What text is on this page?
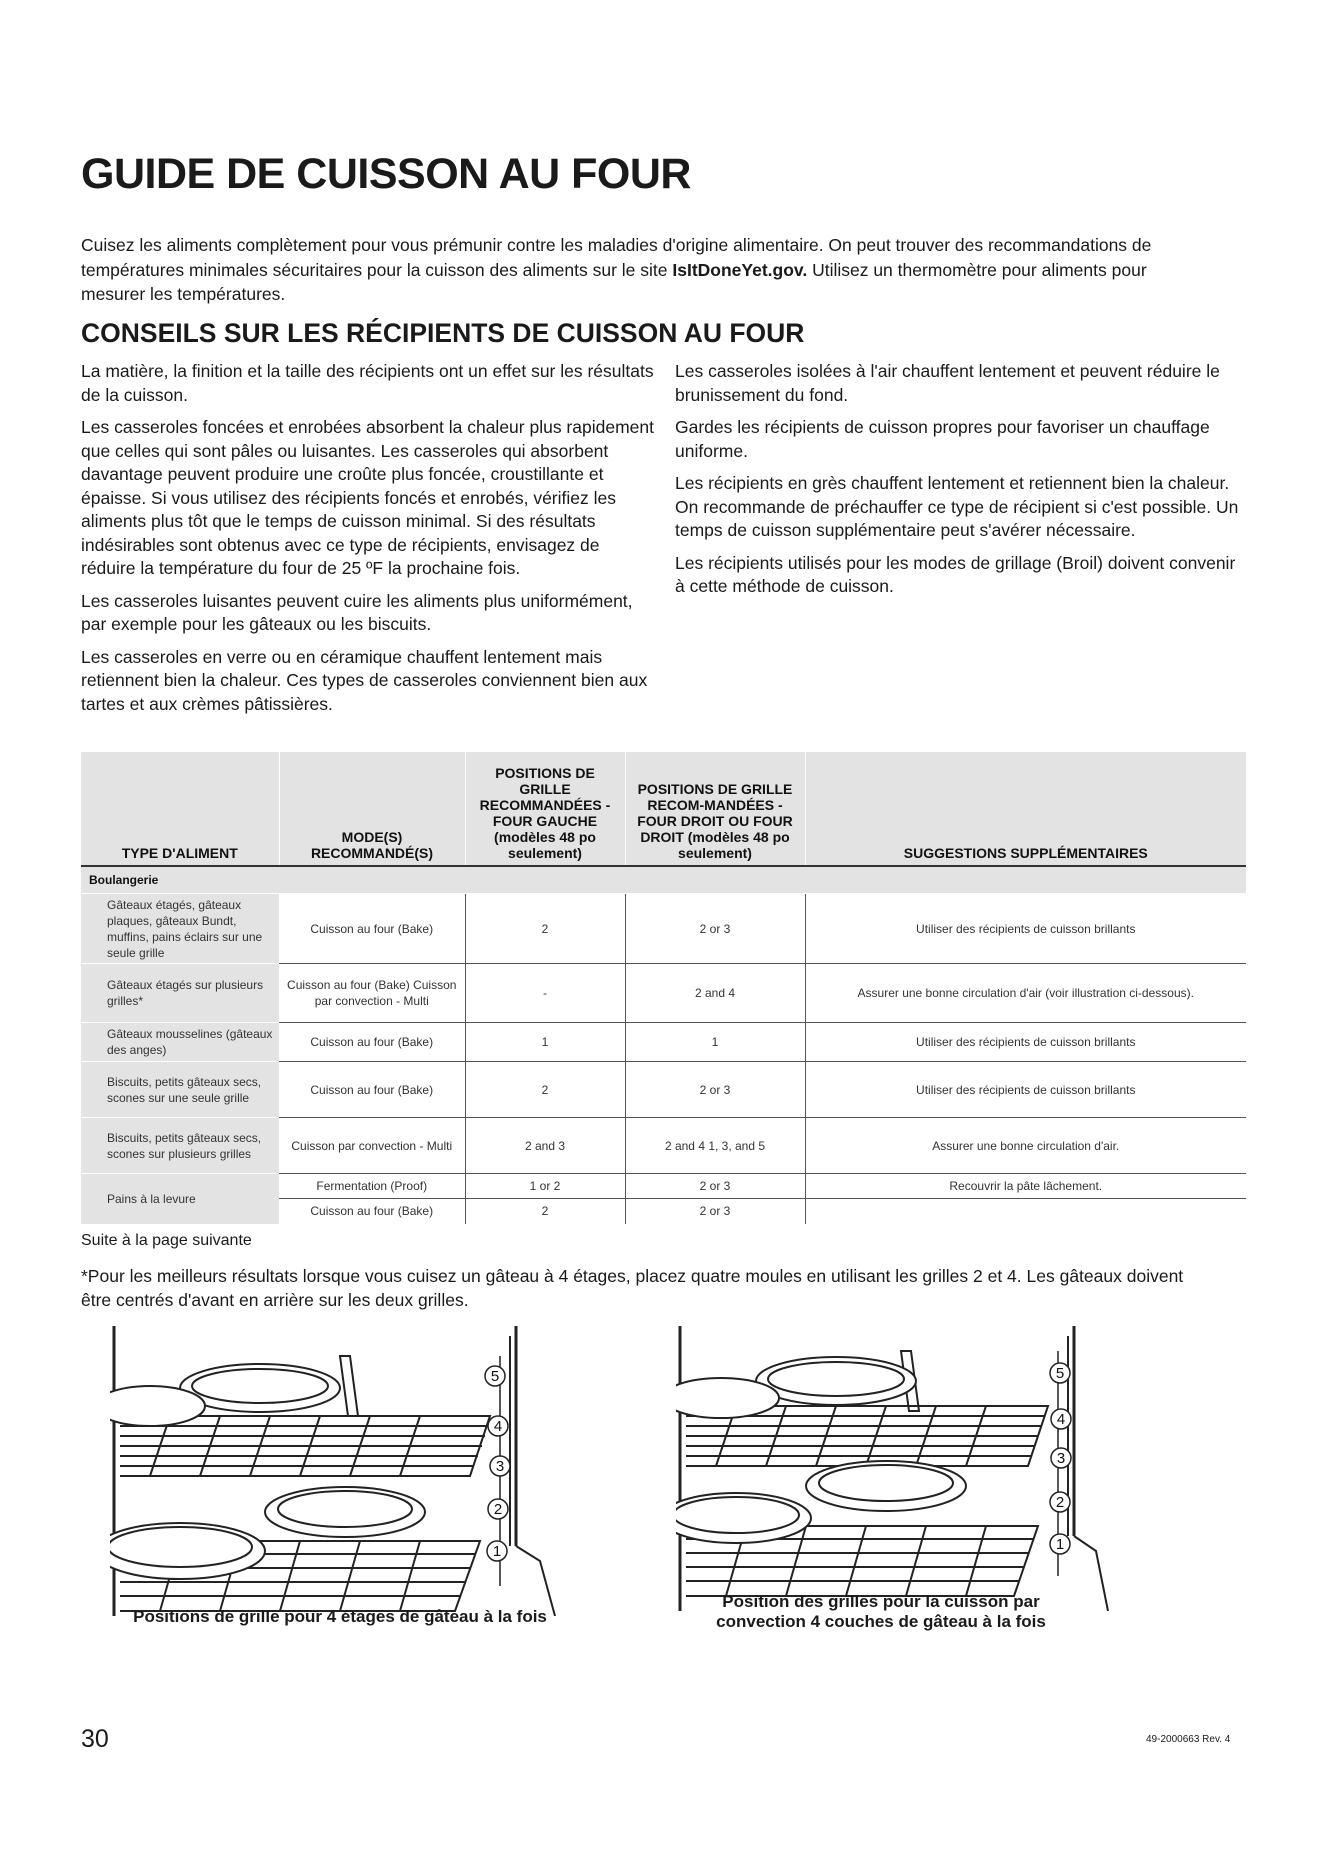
GUIDE DE CUISSON AU FOUR

Cuisez les aliments complètement pour vous prémunir contre les maladies d'origine alimentaire. On peut trouver des recommandations de températures minimales sécuritaires pour la cuisson des aliments sur le site IsItDoneYet.gov. Utilisez un thermomètre pour aliments pour mesurer les températures.

CONSEILS SUR LES RÉCIPIENTS DE CUISSON AU FOUR

La matière, la finition et la taille des récipients ont un effet sur les résultats de la cuisson.

Les casseroles foncées et enrobées absorbent la chaleur plus rapidement que celles qui sont pâles ou luisantes. Les casseroles qui absorbent davantage peuvent produire une croûte plus foncée, croustillante et épaisse. Si vous utilisez des récipients foncés et enrobés, vérifiez les aliments plus tôt que le temps de cuisson minimal. Si des résultats indésirables sont obtenus avec ce type de récipients, envisagez de réduire la température du four de 25 ºF la prochaine fois.

Les casseroles luisantes peuvent cuire les aliments plus uniformément, par exemple pour les gâteaux ou les biscuits.

Les casseroles en verre ou en céramique chauffent lentement mais retiennent bien la chaleur. Ces types de casseroles conviennent bien aux tartes et aux crèmes pâtissières.

Les casseroles isolées à l'air chauffent lentement et peuvent réduire le brunissement du fond.

Gardes les récipients de cuisson propres pour favoriser un chauffage uniforme.

Les récipients en grès chauffent lentement et retiennent bien la chaleur. On recommande de préchauffer ce type de récipient si c'est possible. Un temps de cuisson supplémentaire peut s'avérer nécessaire.

Les récipients utilisés pour les modes de grillage (Broil) doivent convenir à cette méthode de cuisson.

TYPE D'ALIMENT	MODE(S) RECOMMANDÉ(S)	POSITIONS DE GRILLE RECOMMANDÉES - FOUR GAUCHE (modèles 48 po seulement)	POSITIONS DE GRILLE RECOM-MANDÉES - FOUR DROIT OU FOUR DROIT (modèles 48 po seulement)	SUGGESTIONS SUPPLÉMENTAIRES
Boulangerie				
Gâteaux étagés, gâteaux plaques, gâteaux Bundt, muffins, pains éclairs sur une seule grille	Cuisson au four (Bake)	2	2 or 3	Utiliser des récipients de cuisson brillants
Gâteaux étagés sur plusieurs grilles*	Cuisson au four (Bake) Cuisson par convection - Multi	-	2 and 4	Assurer une bonne circulation d'air (voir illustration ci-dessous).
Gâteaux mousselines (gâteaux des anges)	Cuisson au four (Bake)	1	1	Utiliser des récipients de cuisson brillants
Biscuits, petits gâteaux secs, scones sur une seule grille	Cuisson au four (Bake)	2	2 or 3	Utiliser des récipients de cuisson brillants
Biscuits, petits gâteaux secs, scones sur plusieurs grilles	Cuisson par convection - Multi	2 and 3	2 and 4 1, 3, and 5	Assurer une bonne circulation d'air.
Pains à la levure	Fermentation (Proof)	1 or 2	2 or 3	Recouvrir la pâte lâchement.
	Cuisson au four (Bake)	2	2 or 3	
Suite à la page suivante

*Pour les meilleurs résultats lorsque vous cuisez un gâteau à 4 étages, placez quatre moules en utilisant les grilles 2 et 4. Les gâteaux doivent être centrés d'avant en arrière sur les deux grilles.

5
4
3
2
1
Positions de grille pour 4 étages de gâteau à la fois
5
4
3
2
1
Position des grilles pour la cuisson par
convection 4 couches de gâteau à la fois
30	49-2000663 Rev. 4
